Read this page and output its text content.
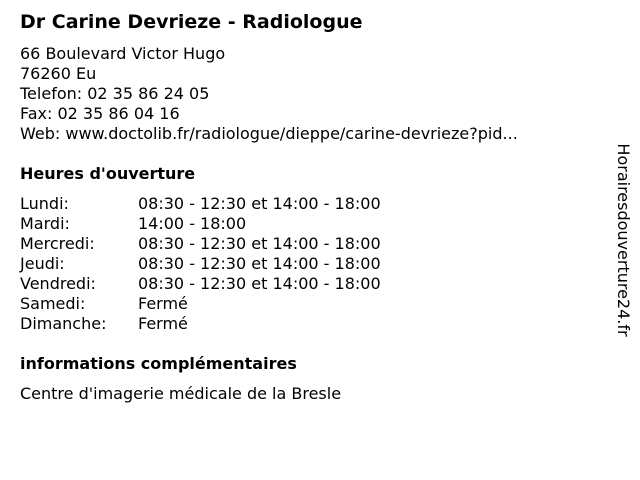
Dr Carine Devrieze - Radiologue
66 Boulevard Victor Hugo
76260 Eu
Telefon: 02 35 86 24 05
Fax: 02 35 86 04 16
Web: www.doctolib.fr/radiologue/dieppe/carine-devrieze?pid...
Heures d'ouverture
Lundi:	08:30 - 12:30 et 14:00 - 18:00
Mardi:	14:00 - 18:00
Mercredi:	08:30 - 12:30 et 14:00 - 18:00
Jeudi:	08:30 - 12:30 et 14:00 - 18:00
Vendredi:	08:30 - 12:30 et 14:00 - 18:00
Samedi:	Fermé
Dimanche: Fermé
informations complémentaires
Centre d'imagerie médicale de la Bresle
Horairesdouverture24.fr
